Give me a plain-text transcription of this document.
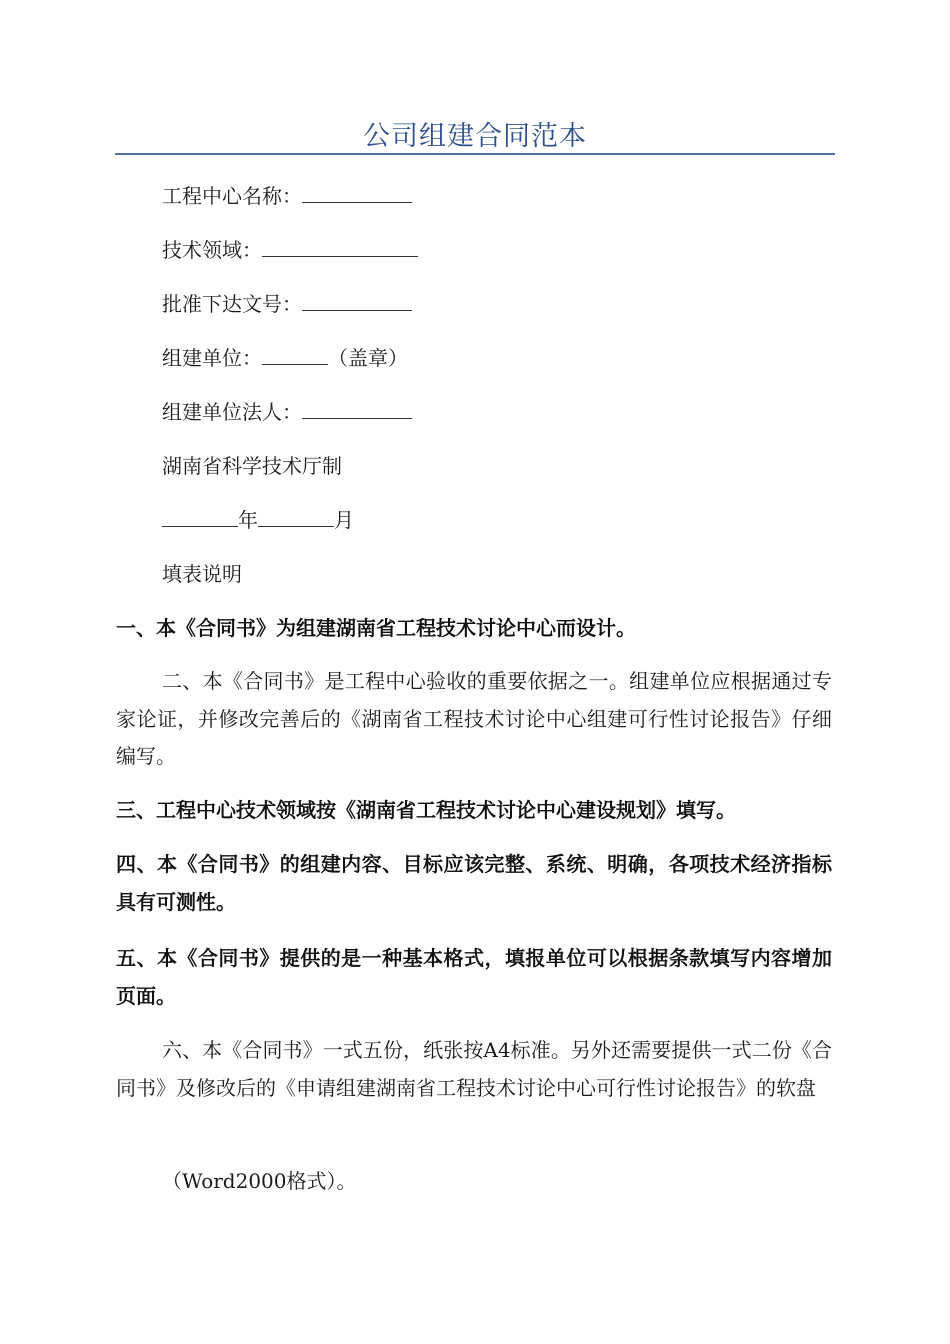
公司组建合同范本
工程中心名称：
技术领域：
批准下达文号：
组建单位：	（盖章）
组建单位法人：
湖南省科学技术厅制
年	月
填表说明
一、本《合同书》为组建湖南省工程技术讨论中心而设计。
二、本《合同书》是工程中心验收的重要依据之一。组建单位应根据通过专家论证，并修改完善后的《湖南省工程技术讨论中心组建可行性讨论报告》仔细编写。
三、工程中心技术领域按《湖南省工程技术讨论中心建设规划》填写。
四、本《合同书》的组建内容、目标应该完整、系统、明确，各项技术经济指标具有可测性。
五、本《合同书》提供的是一种基本格式，填报单位可以根据条款填写内容增加页面。
六、本《合同书》一式五份，纸张按A4标准。另外还需要提供一式二份《合同书》及修改后的《申请组建湖南省工程技术讨论中心可行性讨论报告》的软盘
（Word2000格式）。
